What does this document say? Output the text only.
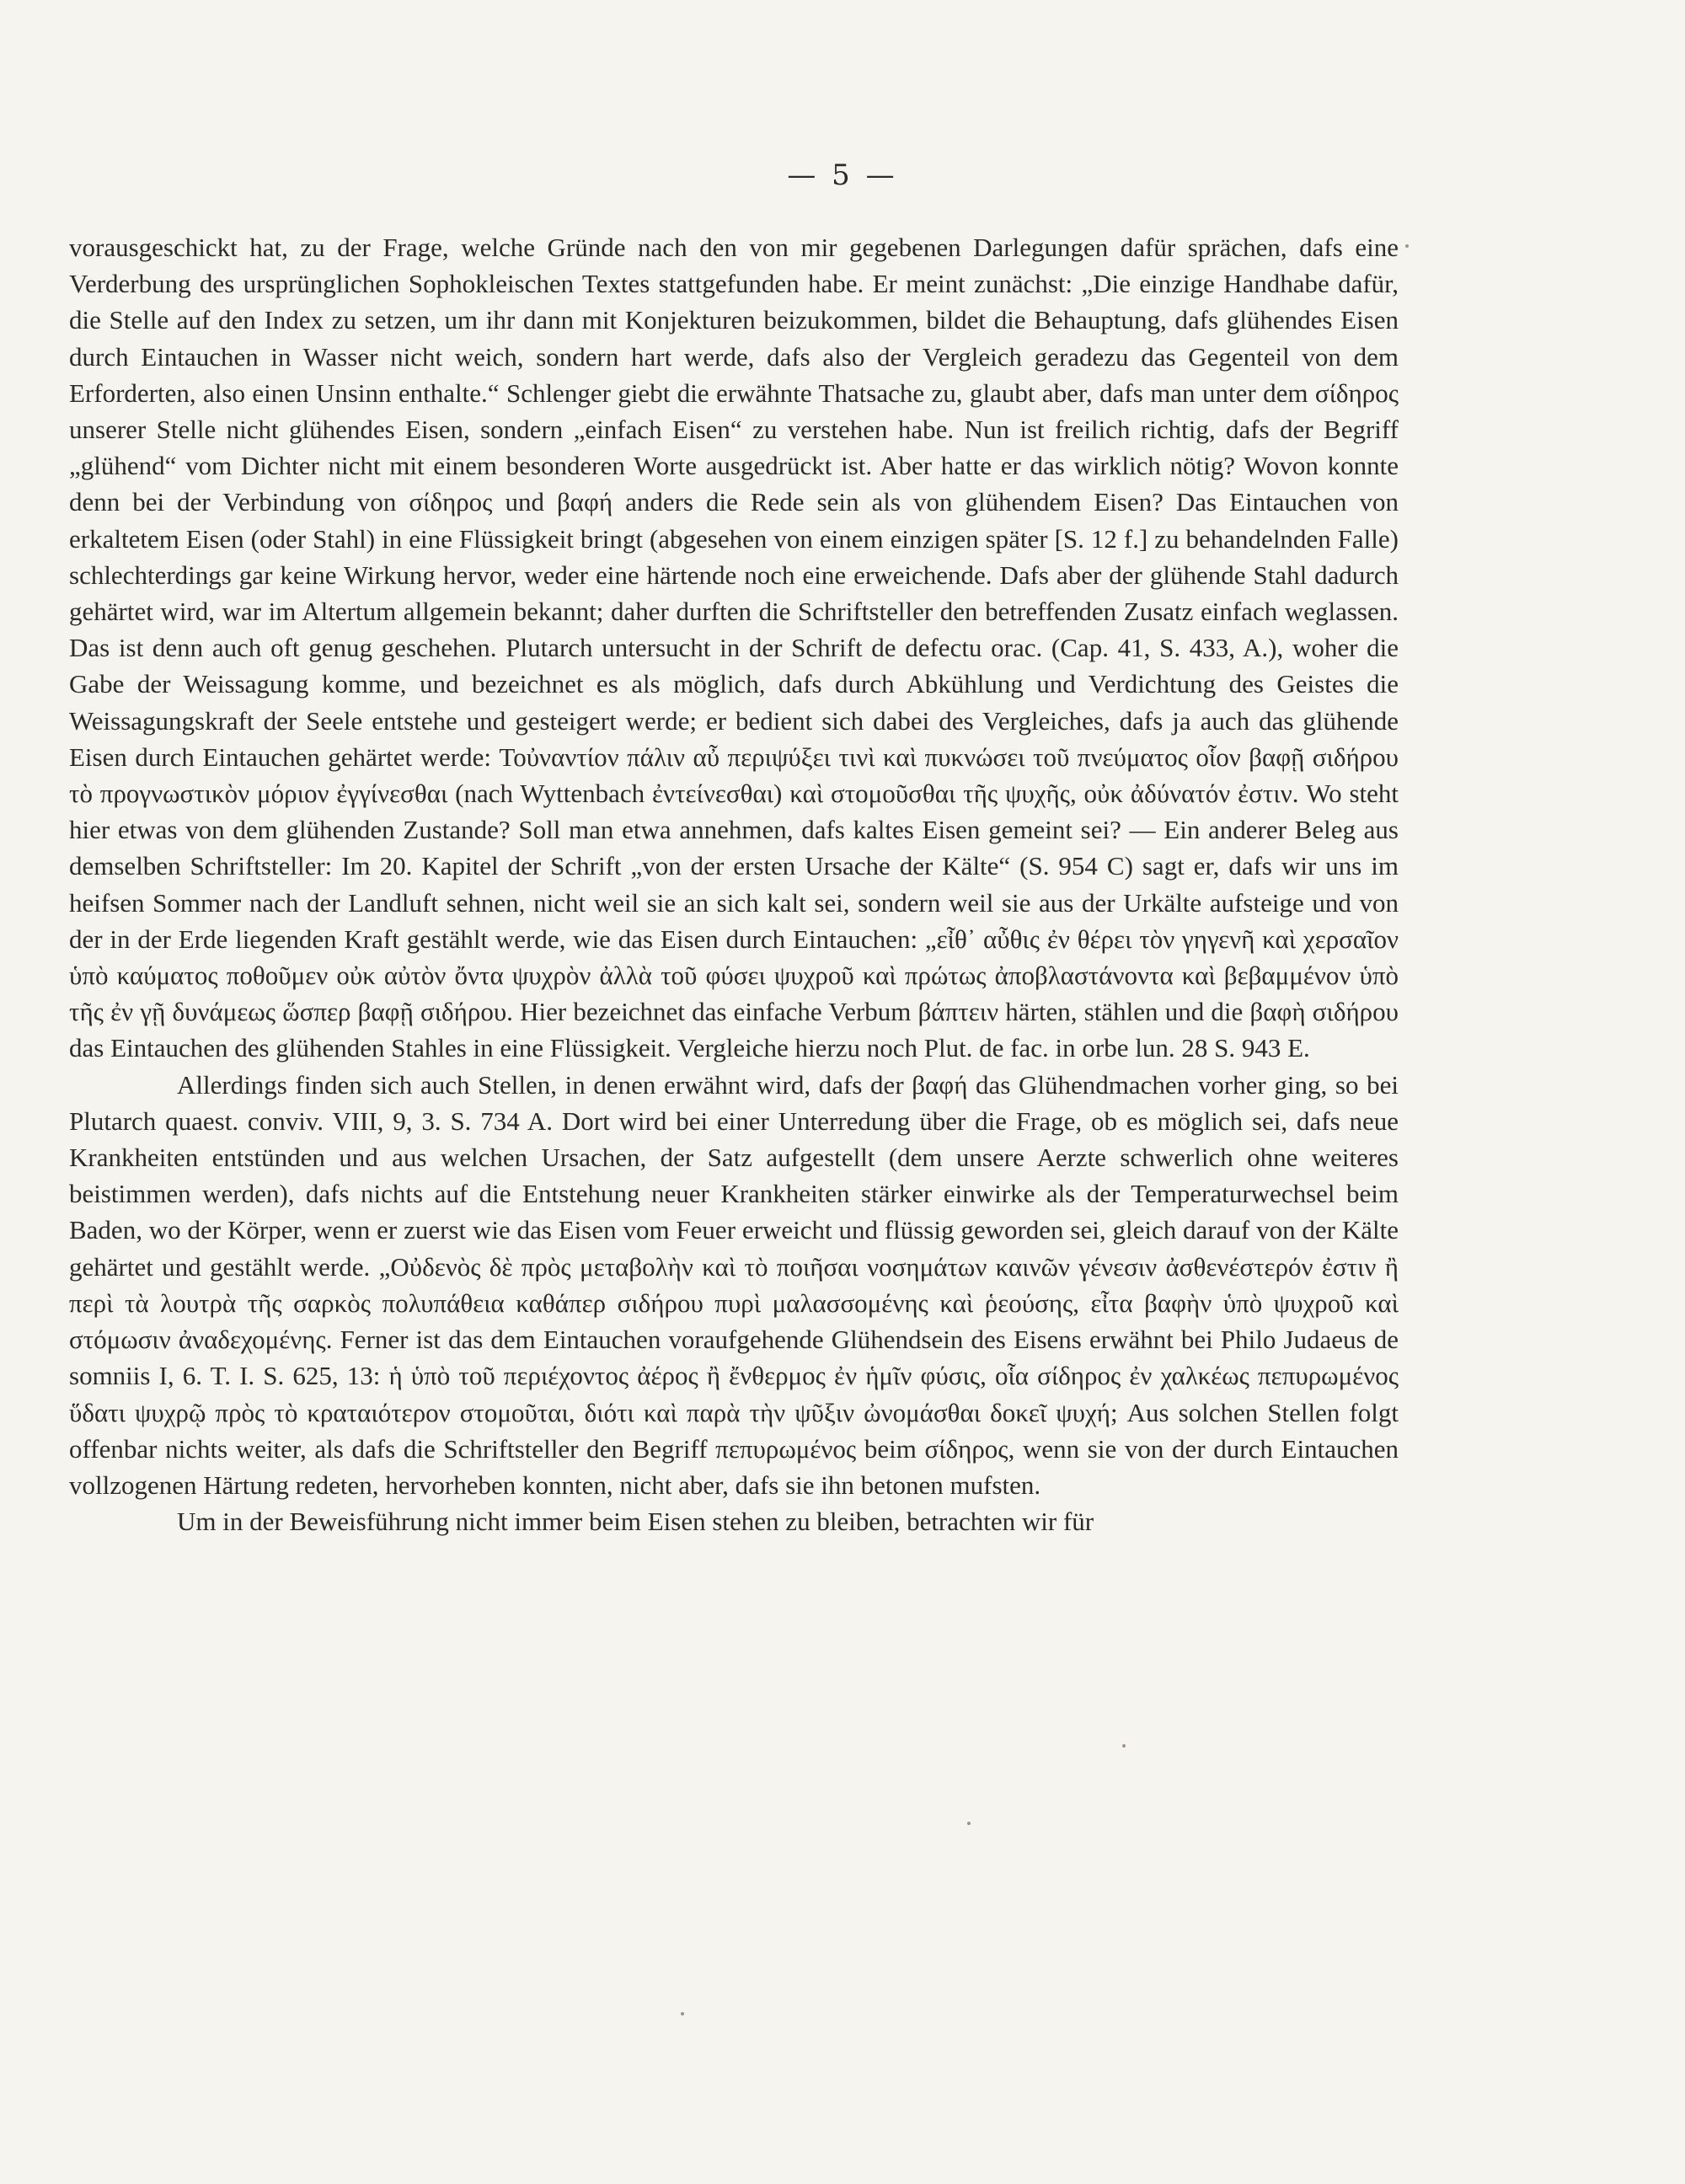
— 5 —

vorausgeschickt hat, zu der Frage, welche Gründe nach den von mir gegebenen Darlegungen dafür sprächen, dafs eine Verderbung des ursprünglichen Sophokleischen Textes stattgefunden habe. Er meint zunächst: „Die einzige Handhabe dafür, die Stelle auf den Index zu setzen, um ihr dann mit Konjekturen beizukommen, bildet die Behauptung, dafs glühendes Eisen durch Eintauchen in Wasser nicht weich, sondern hart werde, dafs also der Vergleich geradezu das Gegenteil von dem Erforderten, also einen Unsinn enthalte.“ Schlenger giebt die erwähnte Thatsache zu, glaubt aber, dafs man unter dem σίδηρος unserer Stelle nicht glühendes Eisen, sondern „einfach Eisen“ zu verstehen habe. Nun ist freilich richtig, dafs der Begriff „glühend“ vom Dichter nicht mit einem besonderen Worte ausgedrückt ist. Aber hatte er das wirklich nötig? Wovon konnte denn bei der Verbindung von σίδηρος und βαφή anders die Rede sein als von glühendem Eisen? Das Eintauchen von erkaltetem Eisen (oder Stahl) in eine Flüssigkeit bringt (abgesehen von einem einzigen später [S. 12 f.] zu behandelnden Falle) schlechterdings gar keine Wirkung hervor, weder eine härtende noch eine erweichende. Dafs aber der glühende Stahl dadurch gehärtet wird, war im Altertum allgemein bekannt; daher durften die Schriftsteller den betreffenden Zusatz einfach weglassen. Das ist denn auch oft genug geschehen. Plutarch untersucht in der Schrift de defectu orac. (Cap. 41, S. 433, A.), woher die Gabe der Weissagung komme, und bezeichnet es als möglich, dafs durch Abkühlung und Verdichtung des Geistes die Weissagungskraft der Seele entstehe und gesteigert werde; er bedient sich dabei des Vergleiches, dafs ja auch das glühende Eisen durch Eintauchen gehärtet werde: Τοὐναντίον πάλιν αὖ περιψύξει τινὶ καὶ πυκνώσει τοῦ πνεύματος οἷον βαφῇ σιδήρου τὸ προγνωστικὸν μόριον ἐγγίνεσθαι (nach Wyttenbach ἐντείνεσθαι) καὶ στομοῦσθαι τῆς ψυχῆς, οὐκ ἀδύνατόν ἐστιν. Wo steht hier etwas von dem glühenden Zustande? Soll man etwa annehmen, dafs kaltes Eisen gemeint sei? — Ein anderer Beleg aus demselben Schriftsteller: Im 20. Kapitel der Schrift „von der ersten Ursache der Kälte“ (S. 954 C) sagt er, dafs wir uns im heifsen Sommer nach der Landluft sehnen, nicht weil sie an sich kalt sei, sondern weil sie aus der Urkälte aufsteige und von der in der Erde liegenden Kraft gestählt werde, wie das Eisen durch Eintauchen: „εἶθ᾽ αὖθις ἐν θέρει τὸν γηγενῆ καὶ χερσαῖον ὑπὸ καύματος ποθοῦμεν οὐκ αὐτὸν ὄντα ψυχρὸν ἀλλὰ τοῦ φύσει ψυχροῦ καὶ πρώτως ἀποβλαστάνοντα καὶ βεβαμμένον ὑπὸ τῆς ἐν γῇ δυνάμεως ὥσπερ βαφῇ σιδήρου. Hier bezeichnet das einfache Verbum βάπτειν härten, stählen und die βαφὴ σιδήρου das Eintauchen des glühenden Stahles in eine Flüssigkeit. Vergleiche hierzu noch Plut. de fac. in orbe lun. 28 S. 943 E.

Allerdings finden sich auch Stellen, in denen erwähnt wird, dafs der βαφή das Glühendmachen vorher ging, so bei Plutarch quaest. conviv. VIII, 9, 3. S. 734 A. Dort wird bei einer Unterredung über die Frage, ob es möglich sei, dafs neue Krankheiten entstünden und aus welchen Ursachen, der Satz aufgestellt (dem unsere Aerzte schwerlich ohne weiteres beistimmen werden), dafs nichts auf die Entstehung neuer Krankheiten stärker einwirke als der Temperaturwechsel beim Baden, wo der Körper, wenn er zuerst wie das Eisen vom Feuer erweicht und flüssig geworden sei, gleich darauf von der Kälte gehärtet und gestählt werde. „Οὐδενὸς δὲ πρὸς μεταβολὴν καὶ τὸ ποιῆσαι νοσημάτων καινῶν γένεσιν ἀσθενέστερόν ἐστιν ἢ περὶ τὰ λουτρὰ τῆς σαρκὸς πολυπάθεια καθάπερ σιδήρου πυρὶ μαλασσομένης καὶ ῥεούσης, εἶτα βαφὴν ὑπὸ ψυχροῦ καὶ στόμωσιν ἀναδεχομένης. Ferner ist das dem Eintauchen voraufgehende Glühendsein des Eisens erwähnt bei Philo Judaeus de somniis I, 6. T. I. S. 625, 13: ἡ ὑπὸ τοῦ περιέχοντος ἀέρος ἢ ἔνθερμος ἐν ἡμῖν φύσις, οἷα σίδηρος ἐν χαλκέως πεπυρωμένος ὕδατι ψυχρῷ πρὸς τὸ κραταιότερον στομοῦται, διότι καὶ παρὰ τὴν ψῦξιν ὠνομάσθαι δοκεῖ ψυχή; Aus solchen Stellen folgt offenbar nichts weiter, als dafs die Schriftsteller den Begriff πεπυρωμένος beim σίδηρος, wenn sie von der durch Eintauchen vollzogenen Härtung redeten, hervorheben konnten, nicht aber, dafs sie ihn betonen mufsten.

Um in der Beweisführung nicht immer beim Eisen stehen zu bleiben, betrachten wir für
